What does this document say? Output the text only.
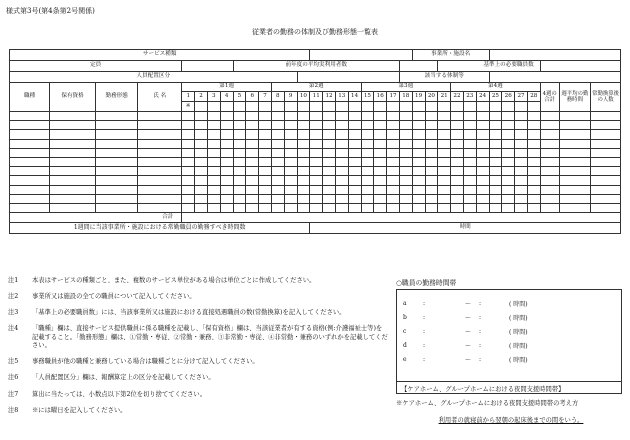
様式第3号(第4条第2号関係)
従業者の勤務の体制及び勤務形態一覧表
サービス種類																						事業所・施設名												
定員								前年度の平均実利用者数																基準上の必要職員数										
人員配置区分																					該当する体制等													
職種	保有資格	勤務形態	氏 名	第1週							第2週							第3週							第4週							4週の合計	週平均の勤務時間	常勤換算後の人数
				1	2	3	4	5	6	7	8	9	10	11	12	13	14	15	16	17	18	19	20	21	22	23	24	25	26	27	28			
				※																														

合計																																		
1週間に当該事業所・施設における常勤職員の勤務すべき時間数														時間																				
注1	本表はサービスの種類ごと、また、複数のサービス単位がある場合は単位ごとに作成してください。
注2	事業所又は施設の全ての職員について記入してください。
注3	「基準上の必要職員数」には、当該事業所又は施設における直接処遇職員の数(常勤換算)を記入してください。
注4	「職種」欄は、直接サービス提供職員に係る職種を記載し、「保有資格」欄は、当該従業者が有する資格(例:介護福祉士等)を記載すること。「勤務形態」欄は、①常勤・専従、②常勤・兼務、③非常勤・専従、④非常勤・兼務のいずれかを記載してください。
注5	事務職員が他の職種と兼務している場合は職種ごとに分けて記入してください。
注6	「人員配置区分」欄は、報酬算定上の区分を記載してください。
注7	算出に当たっては、小数点以下第2位を切り捨ててください。
注8	※には曜日を記入してください。
○職員の勤務時間帯
a	:	〜	:	( 時間)
b	:	〜	:	( 時間)
c	:	〜	:	( 時間)
d	:	〜	:	( 時間)
e	:	〜	:	( 時間)
【ケアホーム、グループホームにおける夜間支援時間帯】
※ケアホーム、グループホームにおける夜間支援時間帯の考え方
利用者の就寝前から翌朝の起床後までの間をいう。
